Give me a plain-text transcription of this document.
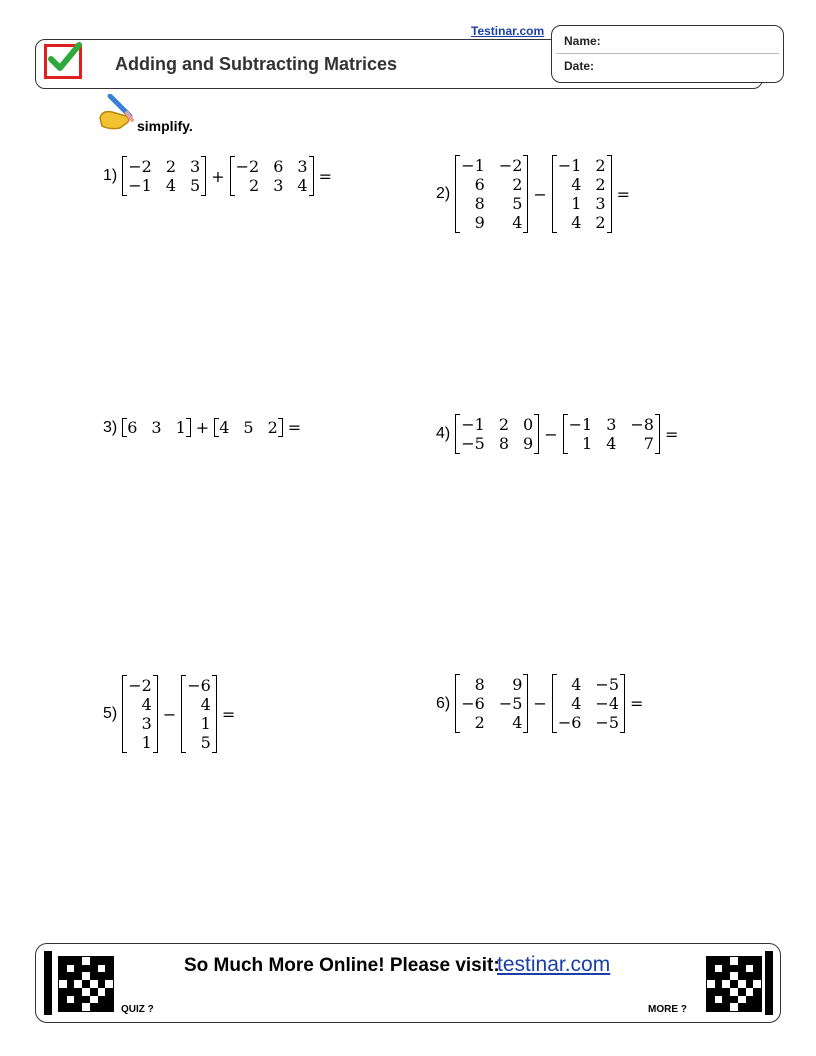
Testinar.com
Adding and Subtracting Matrices
Name:
Date:
simplify.
1) −2 2 3
−1 4 5 + −2 6 3
2 3 4 =
2)
−1 −2
6 2
8 5
9 4
−
−1 2
4 2
1 3
4 2
=
3) 6 3 1 + 4 5 2 =	4) −1 2 0
−5 8 9 − −1 3 −8
1 4 7 =
5)
−2
4
3
1
−
−6
4
1
5
=
6)
8 9
−6 −5
2 4
−
4 −5
4 −4
−6 −5
=
QUIZ ?
So Much More Online! Please visit:
testinar.com
MORE ?
